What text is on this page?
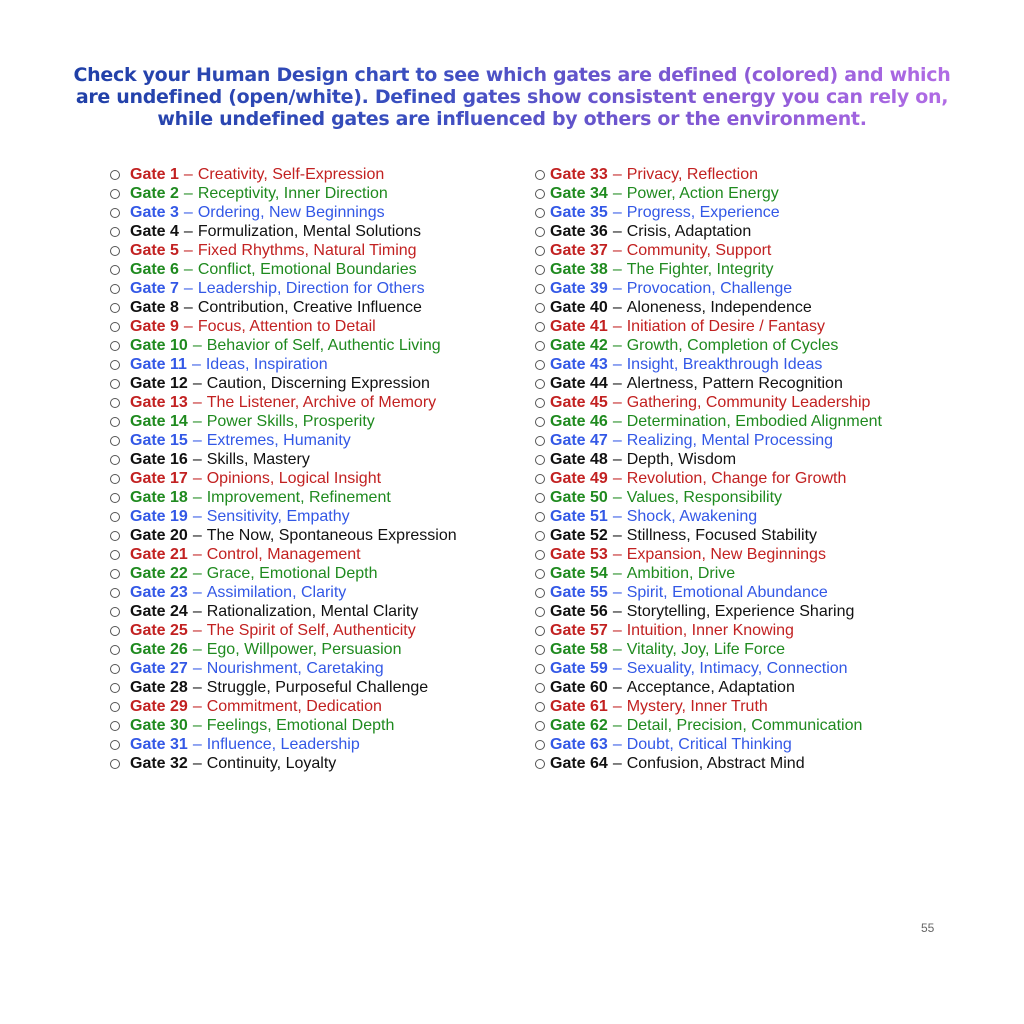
Check your Human Design chart to see which gates are defined (colored) and which are undefined (open/white). Defined gates show consistent energy you can rely on, while undefined gates are influenced by others or the environment.
Gate 1 – Creativity, Self-Expression
Gate 2 – Receptivity, Inner Direction
Gate 3 – Ordering, New Beginnings
Gate 4 – Formulization, Mental Solutions
Gate 5 – Fixed Rhythms, Natural Timing
Gate 6 – Conflict, Emotional Boundaries
Gate 7 – Leadership, Direction for Others
Gate 8 – Contribution, Creative Influence
Gate 9 – Focus, Attention to Detail
Gate 10 – Behavior of Self, Authentic Living
Gate 11 – Ideas, Inspiration
Gate 12 – Caution, Discerning Expression
Gate 13 – The Listener, Archive of Memory
Gate 14 – Power Skills, Prosperity
Gate 15 – Extremes, Humanity
Gate 16 – Skills, Mastery
Gate 17 – Opinions, Logical Insight
Gate 18 – Improvement, Refinement
Gate 19 – Sensitivity, Empathy
Gate 20 – The Now, Spontaneous Expression
Gate 21 – Control, Management
Gate 22 – Grace, Emotional Depth
Gate 23 – Assimilation, Clarity
Gate 24 – Rationalization, Mental Clarity
Gate 25 – The Spirit of Self, Authenticity
Gate 26 – Ego, Willpower, Persuasion
Gate 27 – Nourishment, Caretaking
Gate 28 – Struggle, Purposeful Challenge
Gate 29 – Commitment, Dedication
Gate 30 – Feelings, Emotional Depth
Gate 31 – Influence, Leadership
Gate 32 – Continuity, Loyalty
Gate 33 – Privacy, Reflection
Gate 34 – Power, Action Energy
Gate 35 – Progress, Experience
Gate 36 – Crisis, Adaptation
Gate 37 – Community, Support
Gate 38 – The Fighter, Integrity
Gate 39 – Provocation, Challenge
Gate 40 – Aloneness, Independence
Gate 41 – Initiation of Desire / Fantasy
Gate 42 – Growth, Completion of Cycles
Gate 43 – Insight, Breakthrough Ideas
Gate 44 – Alertness, Pattern Recognition
Gate 45 – Gathering, Community Leadership
Gate 46 – Determination, Embodied Alignment
Gate 47 – Realizing, Mental Processing
Gate 48 – Depth, Wisdom
Gate 49 – Revolution, Change for Growth
Gate 50 – Values, Responsibility
Gate 51 – Shock, Awakening
Gate 52 – Stillness, Focused Stability
Gate 53 – Expansion, New Beginnings
Gate 54 – Ambition, Drive
Gate 55 – Spirit, Emotional Abundance
Gate 56 – Storytelling, Experience Sharing
Gate 57 – Intuition, Inner Knowing
Gate 58 – Vitality, Joy, Life Force
Gate 59 – Sexuality, Intimacy, Connection
Gate 60 – Acceptance, Adaptation
Gate 61 – Mystery, Inner Truth
Gate 62 – Detail, Precision, Communication
Gate 63 – Doubt, Critical Thinking
Gate 64 – Confusion, Abstract Mind
55
